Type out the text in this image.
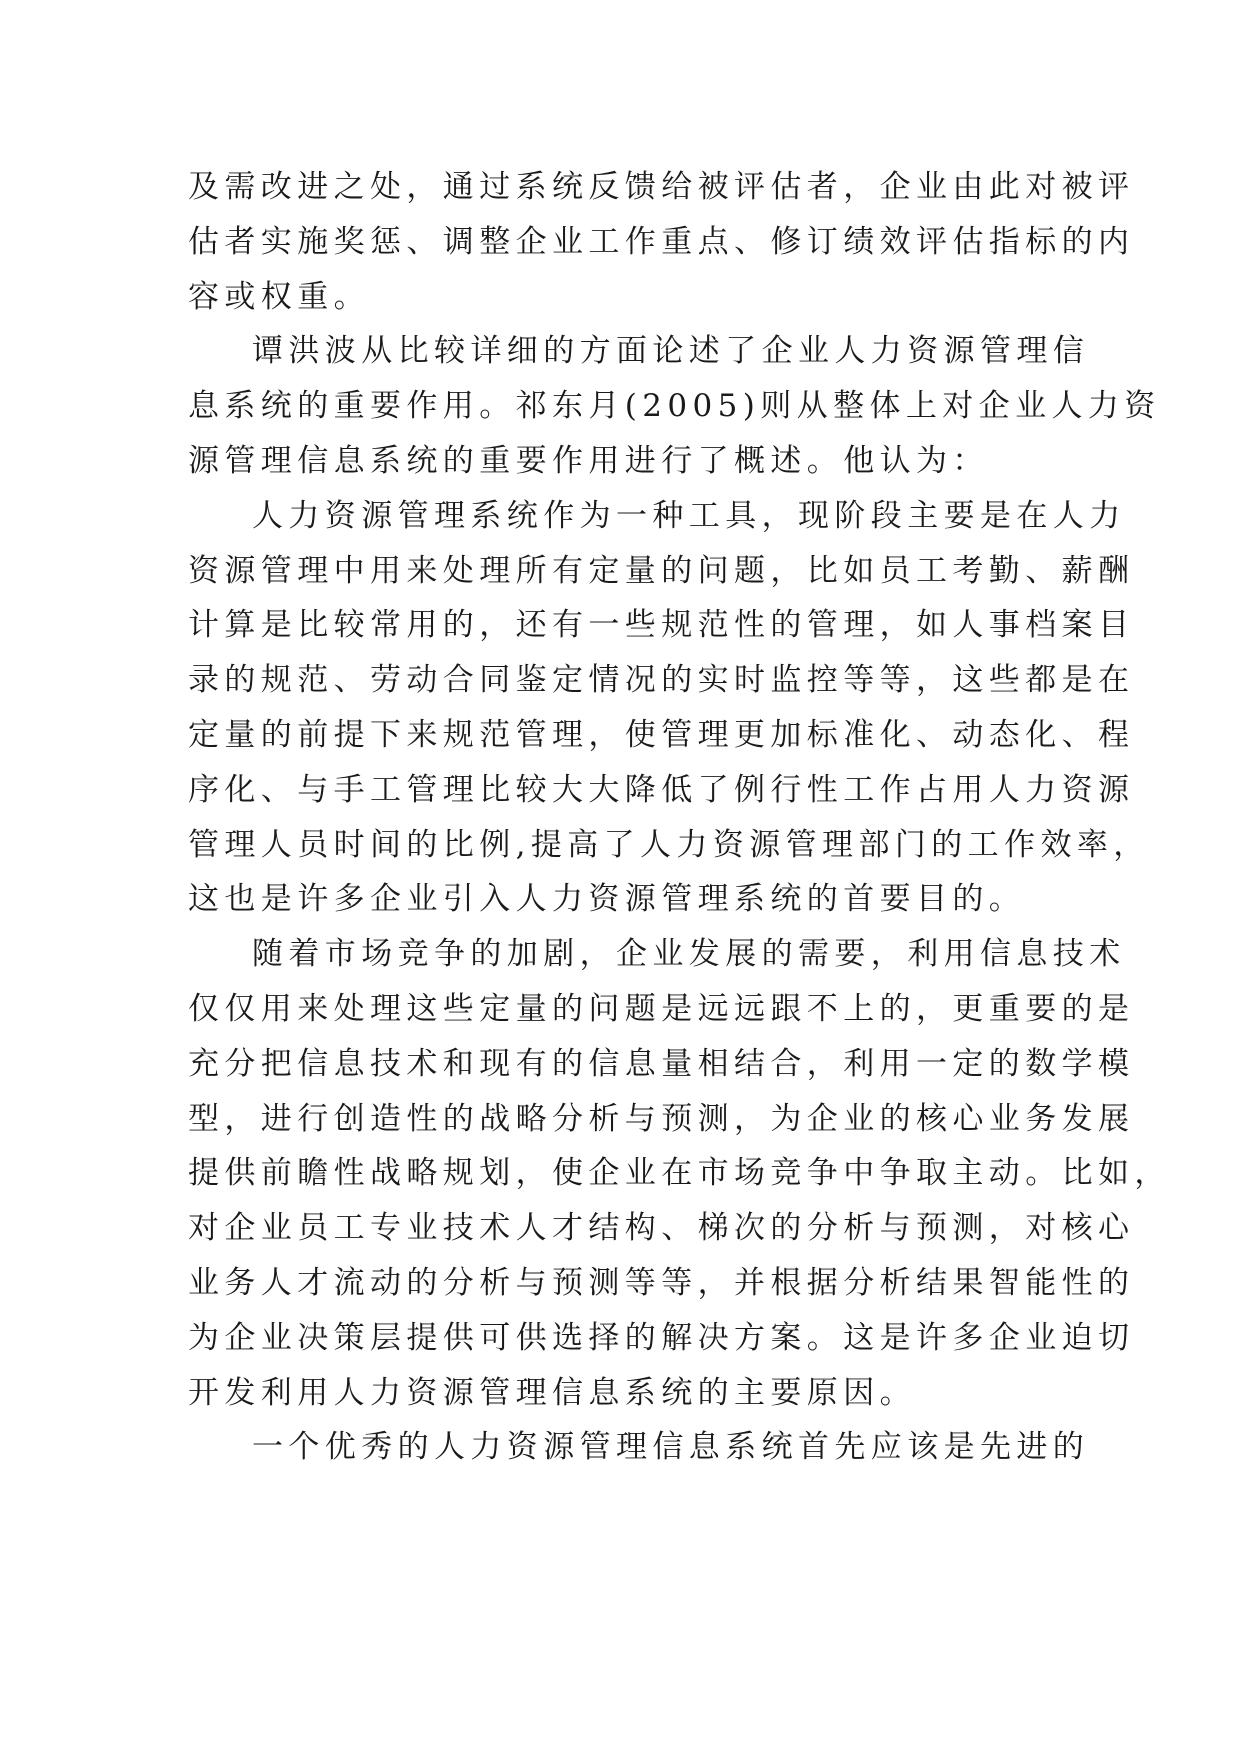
及需改进之处，通过系统反馈给被评估者，企业由此对被评
估者实施奖惩、调整企业工作重点、修订绩效评估指标的内
容或权重。
谭洪波从比较详细的方面论述了企业人力资源管理信
息系统的重要作用。祁东月(2005)则从整体上对企业人力资
源管理信息系统的重要作用进行了概述。他认为：
人力资源管理系统作为一种工具，现阶段主要是在人力
资源管理中用来处理所有定量的问题，比如员工考勤、薪酬
计算是比较常用的，还有一些规范性的管理，如人事档案目
录的规范、劳动合同鉴定情况的实时监控等等，这些都是在
定量的前提下来规范管理，使管理更加标准化、动态化、程
序化、与手工管理比较大大降低了例行性工作占用人力资源
管理人员时间的比例,提高了人力资源管理部门的工作效率，
这也是许多企业引入人力资源管理系统的首要目的。
随着市场竞争的加剧，企业发展的需要，利用信息技术
仅仅用来处理这些定量的问题是远远跟不上的，更重要的是
充分把信息技术和现有的信息量相结合，利用一定的数学模
型，进行创造性的战略分析与预测，为企业的核心业务发展
提供前瞻性战略规划，使企业在市场竞争中争取主动。比如，
对企业员工专业技术人才结构、梯次的分析与预测，对核心
业务人才流动的分析与预测等等，并根据分析结果智能性的
为企业决策层提供可供选择的解决方案。这是许多企业迫切
开发利用人力资源管理信息系统的主要原因。
一个优秀的人力资源管理信息系统首先应该是先进的
